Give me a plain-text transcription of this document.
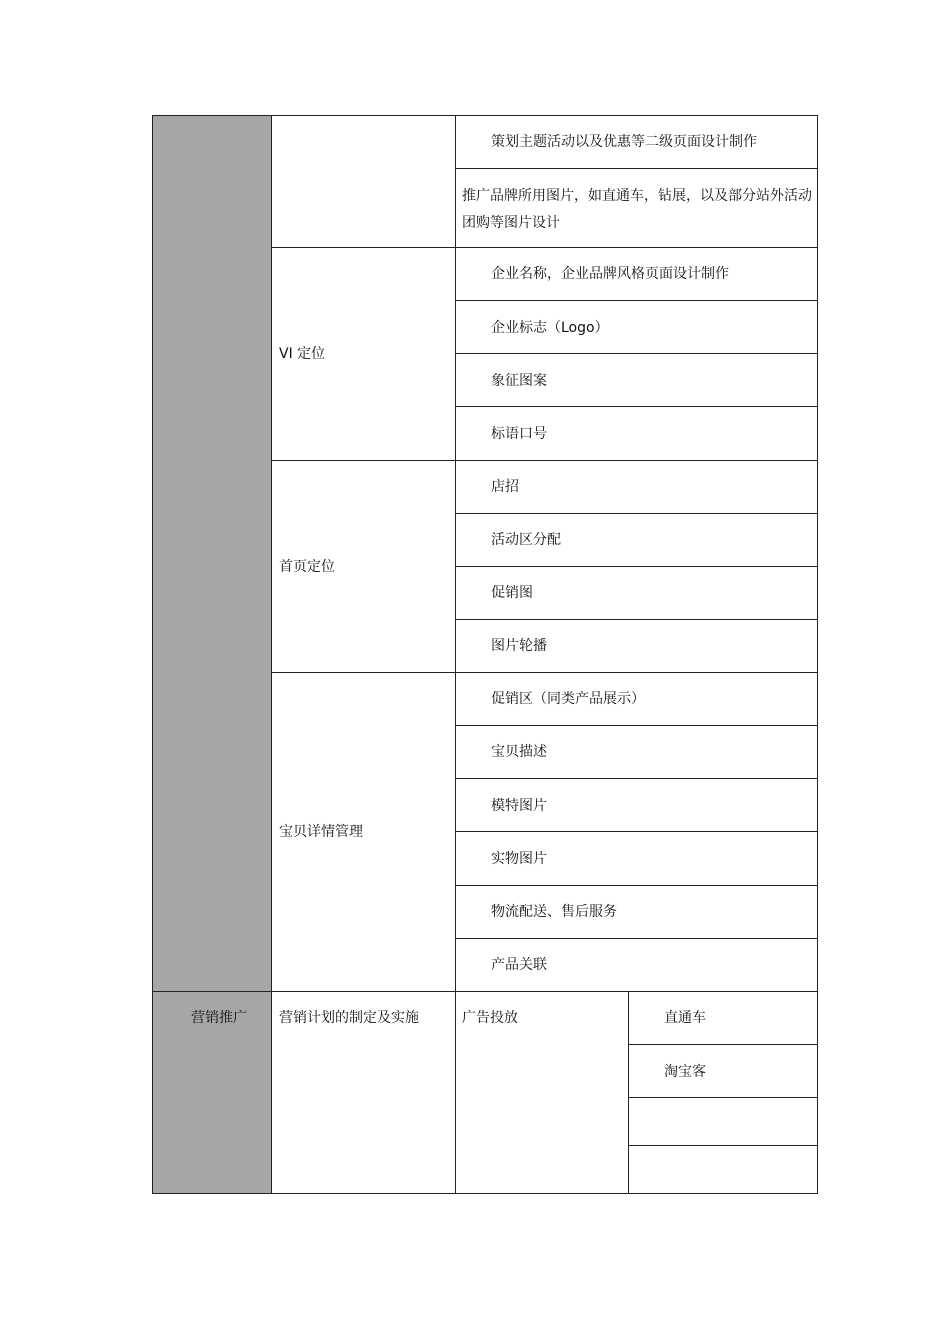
策划主题活动以及优惠等二级页面设计制作
推广品牌所用图片，如直通车，钻展，以及部分站外活动团购等图片设计
VI 定位
企业名称，企业品牌风格页面设计制作
企业标志（Logo）
象征图案
标语口号
首页定位
店招
活动区分配
促销图
图片轮播
宝贝详情管理
促销区（同类产品展示）
宝贝描述
模特图片
实物图片
物流配送、售后服务
产品关联
营销推广 营销计划的制定及实施	广告投放	直通车
淘宝客
